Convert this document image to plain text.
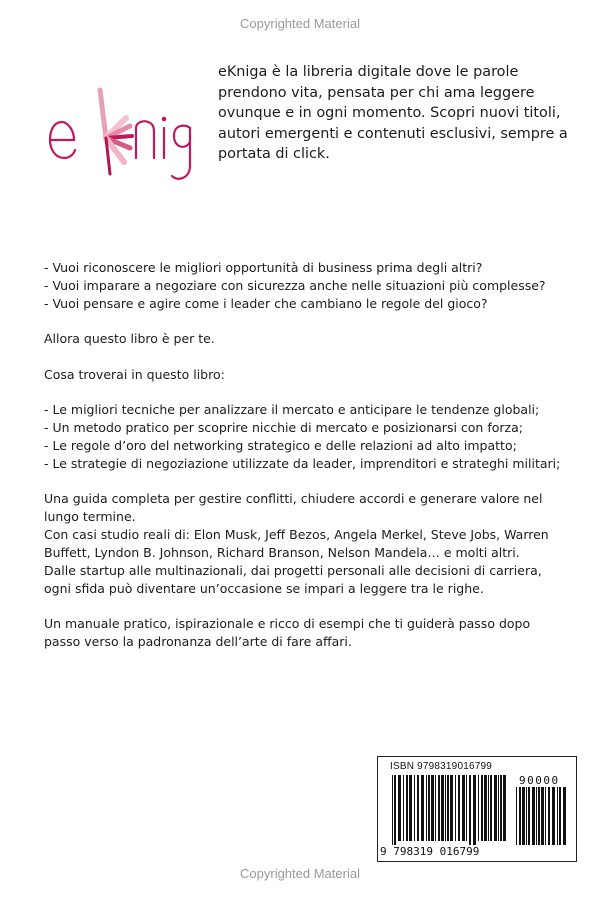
Copyrighted Material

eKniga è la libreria digitale dove le parole prendono vita, pensata per chi ama leggere ovunque e in ogni momento. Scopri nuovi titoli, autori emergenti e contenuti esclusivi, sempre a portata di click.

- Vuoi riconoscere le migliori opportunità di business prima degli altri?
- Vuoi imparare a negoziare con sicurezza anche nelle situazioni più complesse?
- Vuoi pensare e agire come i leader che cambiano le regole del gioco?
Allora questo libro è per te.
Cosa troverai in questo libro:
- Le migliori tecniche per analizzare il mercato e anticipare le tendenze globali;
- Un metodo pratico per scoprire nicchie di mercato e posizionarsi con forza;
- Le regole d’oro del networking strategico e delle relazioni ad alto impatto;
- Le strategie di negoziazione utilizzate da leader, imprenditori e strateghi militari;
Una guida completa per gestire conflitti, chiudere accordi e generare valore nel lungo termine.
Con casi studio reali di: Elon Musk, Jeff Bezos, Angela Merkel, Steve Jobs, Warren Buffett, Lyndon B. Johnson, Richard Branson, Nelson Mandela… e molti altri.
Dalle startup alle multinazionali, dai progetti personali alle decisioni di carriera, ogni sfida può diventare un’occasione se impari a leggere tra le righe.
Un manuale pratico, ispirazionale e ricco di esempi che ti guiderà passo dopo passo verso la padronanza dell’arte di fare affari.
ISBN 9798319016799
90000
9 798319 016799
Copyrighted Material
